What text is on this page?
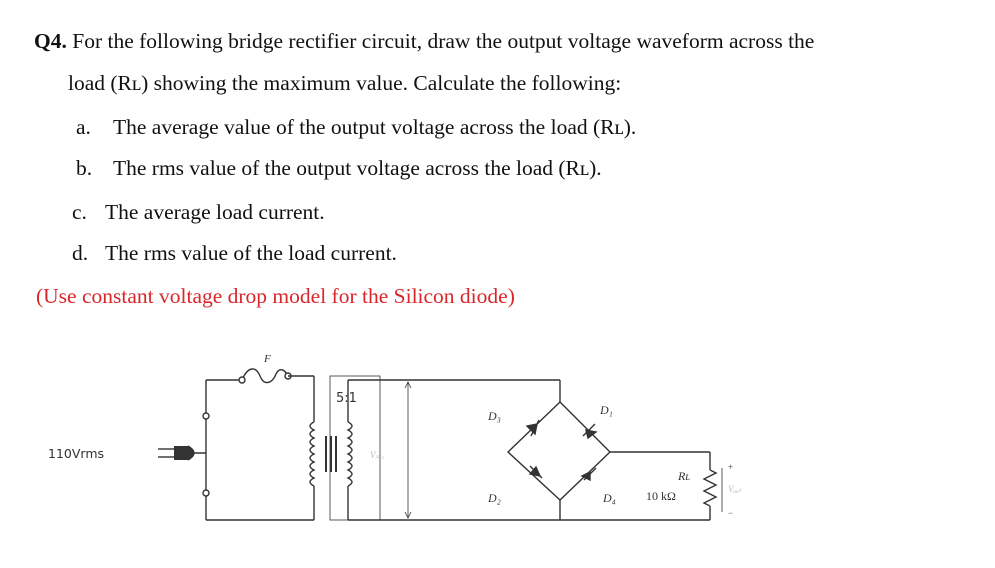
Q4. For the following bridge rectifier circuit, draw the output voltage waveform across the
load (Rʟ) showing the maximum value. Calculate the following:
a. The average value of the output voltage across the load (Rʟ).
b. The rms value of the output voltage across the load (Rʟ).
c. The average load current.
d. The rms value of the load current.
(Use constant voltage drop model for the Silicon diode)
110Vrms
F
5:1
Vₛₑ꜀
D₃	D₁
D₂	D₄
Rʟ
10 kΩ
+
Vₒᵤₜ
−
